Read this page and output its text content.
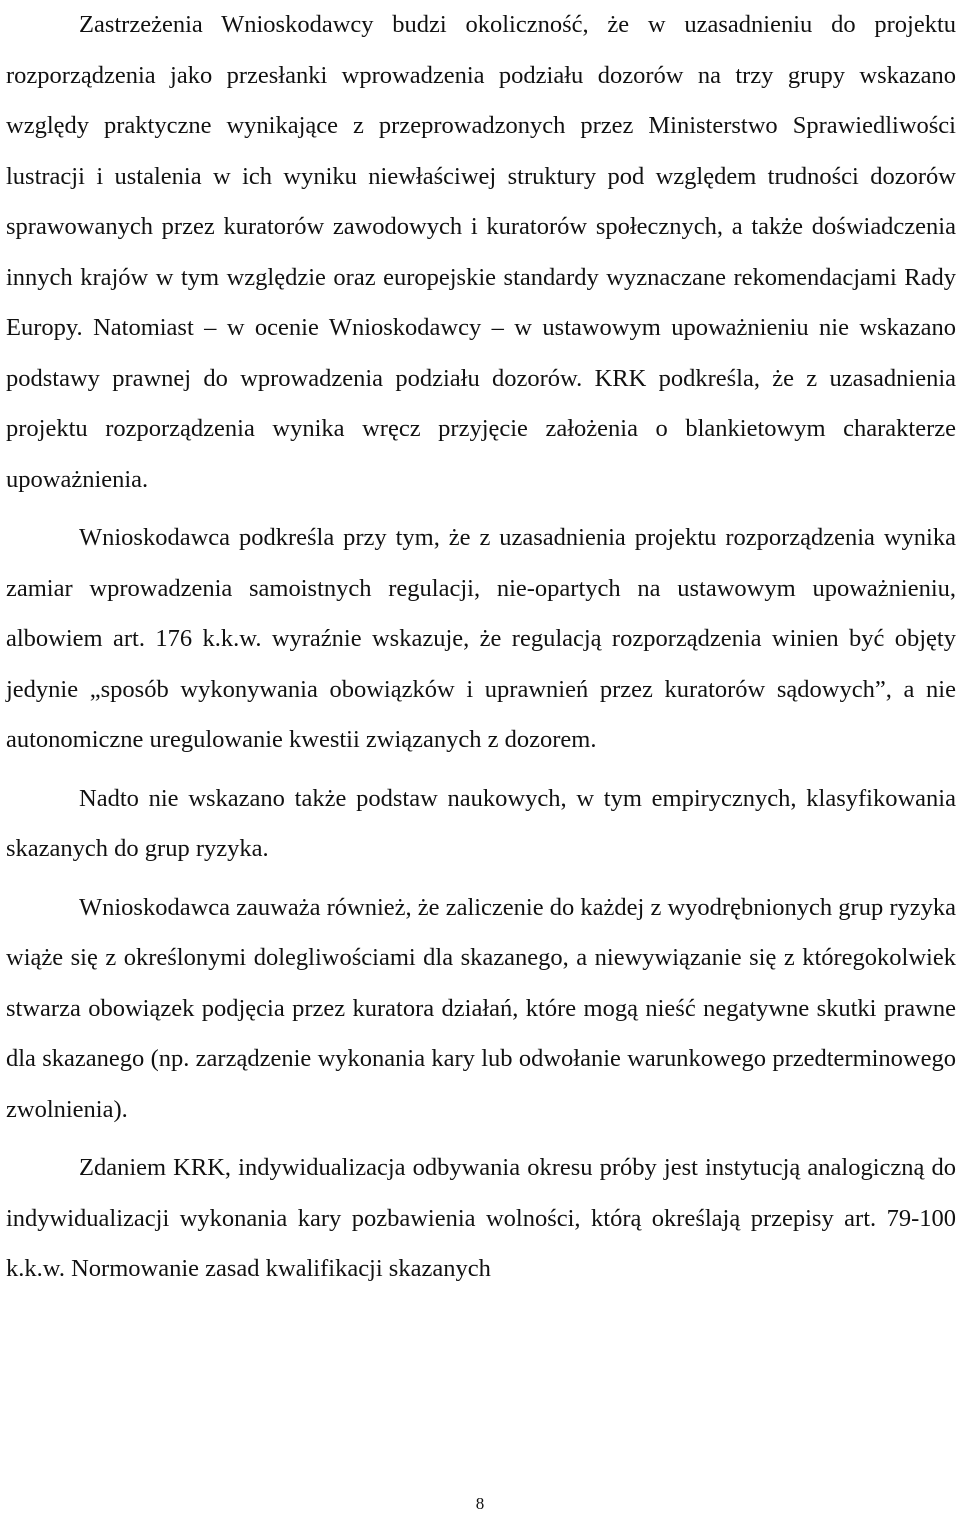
Zastrzeżenia Wnioskodawcy budzi okoliczność, że w uzasadnieniu do projektu rozporządzenia jako przesłanki wprowadzenia podziału dozorów na trzy grupy wskazano względy praktyczne wynikające z przeprowadzonych przez Ministerstwo Sprawiedliwości lustracji i ustalenia w ich wyniku niewłaściwej struktury pod względem trudności dozorów sprawowanych przez kuratorów zawodowych i kuratorów społecznych, a także doświadczenia innych krajów w tym względzie oraz europejskie standardy wyznaczane rekomendacjami Rady Europy. Natomiast – w ocenie Wnioskodawcy – w ustawowym upoważnieniu nie wskazano podstawy prawnej do wprowadzenia podziału dozorów. KRK podkreśla, że z uzasadnienia projektu rozporządzenia wynika wręcz przyjęcie założenia o blankietowym charakterze upoważnienia.

Wnioskodawca podkreśla przy tym, że z uzasadnienia projektu rozporządzenia wynika zamiar wprowadzenia samoistnych regulacji, nie-opartych na ustawowym upoważnieniu, albowiem art. 176 k.k.w. wyraźnie wskazuje, że regulacją rozporządzenia winien być objęty jedynie „sposób wykonywania obowiązków i uprawnień przez kuratorów sądowych”, a nie autonomiczne uregulowanie kwestii związanych z dozorem.

Nadto nie wskazano także podstaw naukowych, w tym empirycznych, klasyfikowania skazanych do grup ryzyka.

Wnioskodawca zauważa również, że zaliczenie do każdej z wyodrębnionych grup ryzyka wiąże się z określonymi dolegliwościami dla skazanego, a niewywiązanie się z któregokolwiek stwarza obowiązek podjęcia przez kuratora działań, które mogą nieść negatywne skutki prawne dla skazanego (np. zarządzenie wykonania kary lub odwołanie warunkowego przedterminowego zwolnienia).

Zdaniem KRK, indywidualizacja odbywania okresu próby jest instytucją analogiczną do indywidualizacji wykonania kary pozbawienia wolności, którą określają przepisy art. 79-100 k.k.w. Normowanie zasad kwalifikacji skazanych

8
